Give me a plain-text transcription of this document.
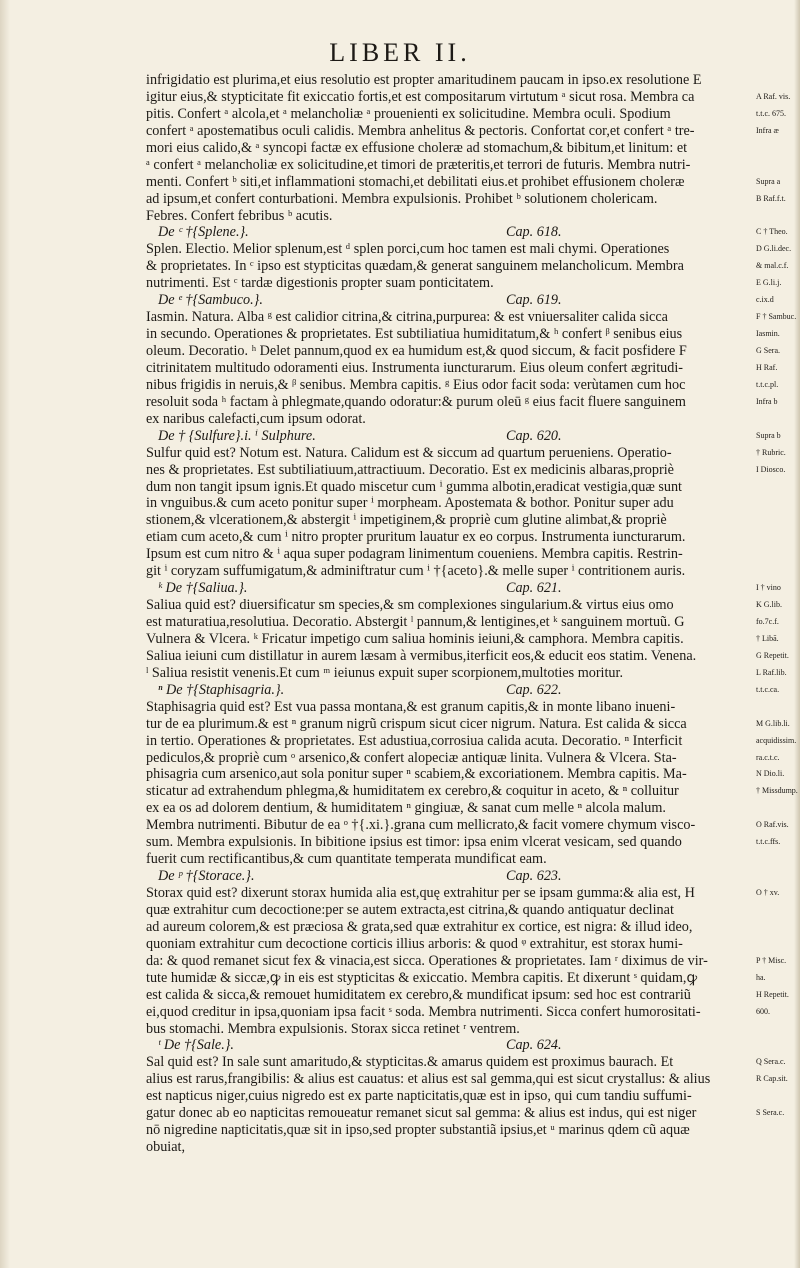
LIBER II.
infrigidatio est plurima,et eius resolutio est propter amaritudinem paucam in ipso.ex resolutione E
igitur eius,& stypticitate fit exiccatio fortis,et est compositarum virtutum ᵃ sicut rosa. Membra ca
pitis. Confert ᵃ alcola,et ᵃ melancholiæ ᵃ prouenienti ex solicitudine. Membra oculi. Spodium
confert ᵃ apostematibus oculi calidis. Membra anhelitus & pectoris. Confortat cor,et confert ᵃ tre-
mori eius calido,& ᵃ syncopi factæ ex effusione choleræ ad stomachum,& bibitum,et linitum: et
ᵃ confert ᵃ melancholiæ ex solicitudine,et timori de præteritis,et terrori de futuris. Membra nutri-
menti. Confert ᵇ siti,et inflammationi stomachi,et debilitati eius.et prohibet effusionem choleræ
ad ipsum,et confert conturbationi. Membra expulsionis. Prohibet ᵇ solutionem cholericam.
Febres. Confert febribus ᵇ acutis.
De ᶜ †{Splene.}.	Cap. 618.
Splen. Electio. Melior splenum,est ᵈ splen porci,cum hoc tamen est mali chymi. Operationes
& proprietates. In ᶜ ipso est stypticitas quædam,& generat sanguinem melancholicum. Membra
nutrimenti. Est ᶜ tardæ digestionis propter suam ponticitatem.
De ᵉ †{Sambuco.}.	Cap. 619.
Iasmin. Natura. Alba ᵍ est calidior citrina,& citrina,purpurea: & est vniuersaliter calida sicca
in secundo. Operationes & proprietates. Est subtiliatiua humiditatum,& ʰ confert ᵝ senibus eius
oleum. Decoratio. ʰ Delet pannum,quod ex ea humidum est,& quod siccum, & facit posfidere F
citrinitatem multitudo odoramenti eius. Instrumenta iuncturarum. Eius oleum confert ægritudi-
nibus frigidis in neruis,& ᵝ senibus. Membra capitis. ᵍ Eius odor facit soda: verùtamen cum hoc
resoluit soda ʰ factam à phlegmate,quando odoratur:& purum oleū ᵍ eius facit fluere sanguinem
ex naribus calefacti,cum ipsum odorat.
De † {Sulfure}.i. ⁱ Sulphure.	Cap. 620.
Sulfur quid est? Notum est. Natura. Calidum est & siccum ad quartum perueniens. Operatio-
nes & proprietates. Est subtiliatiuum,attractiuum. Decoratio. Est ex medicinis albaras,propriè
dum non tangit ipsum ignis.Et quado miscetur cum ⁱ gumma albotin,eradicat vestigia,quæ sunt
in vnguibus.& cum aceto ponitur super ⁱ morpheam. Apostemata & bothor. Ponitur super adu
stionem,& vlcerationem,& abstergit ⁱ impetiginem,& propriè cum glutine alimbat,& propriè
etiam cum aceto,& cum ⁱ nitro propter pruritum lauatur ex eo corpus. Instrumenta iuncturarum.
Ipsum est cum nitro & ⁱ aqua super podagram linimentum coueniens. Membra capitis. Restrin-
git ⁱ coryzam suffumigatum,& adminiftratur cum ⁱ †{aceto}.& melle super ⁱ contritionem auris.
ᵏ De †{Saliua.}.	Cap. 621.
Saliua quid est? diuersificatur sm species,& sm complexiones singularium.& virtus eius omo
est maturatiua,resolutiua. Decoratio. Abstergit ˡ pannum,& lentigines,et ᵏ sanguinem mortuũ. G
Vulnera & Vlcera. ᵏ Fricatur impetigo cum saliua hominis ieiuni,& camphora. Membra capitis.
Saliua ieiuni cum distillatur in aurem læsam à vermibus,iterficit eos,& educit eos statim. Venena.
ˡ Saliua resistit venenis.Et cum ᵐ ieiunus expuit super scorpionem,multoties moritur.
ⁿ De †{Staphisagria.}.	Cap. 622.
Staphisagria quid est? Est vua passa montana,& est granum capitis,& in monte libano inueni-
tur de ea plurimum.& est ⁿ granum nigrũ crispum sicut cicer nigrum. Natura. Est calida & sicca
in tertio. Operationes & proprietates. Est adustiua,corrosiua calida acuta. Decoratio. ⁿ Interficit
pediculos,& propriè cum ᵒ arsenico,& confert alopeciæ antiquæ linita. Vulnera & Vlcera. Sta-
phisagria cum arsenico,aut sola ponitur super ⁿ scabiem,& excoriationem. Membra capitis. Ma-
sticatur ad extrahendum phlegma,& humiditatem ex cerebro,& coquitur in aceto, & ⁿ colluitur
ex ea os ad dolorem dentium, & humiditatem ⁿ gingiuæ, & sanat cum melle ⁿ alcola malum.
Membra nutrimenti. Bibutur de ea ᵒ †{.xi.}.grana cum mellicrato,& facit vomere chymum visco-
sum. Membra expulsionis. In bibitione ipsius est timor: ipsa enim vlcerat vesicam, sed quando
fuerit cum rectificantibus,& cum quantitate temperata mundificat eam.
De ᵖ †{Storace.}.	Cap. 623.
Storax quid est? dixerunt storax humida alia est,quę extrahitur per se ipsam gumma:& alia est, H
quæ extrahitur cum decoctione:per se autem extracta,est citrina,& quando antiquatur declinat
ad aureum colorem,& est præciosa & grata,sed quæ extrahitur ex cortice, est nigra: & illud ideo,
quoniam extrahitur cum decoctione corticis illius arboris: & quod ᵠ extrahitur, est storax humi-
da: & quod remanet sicut fex & vinacia,est sicca. Operationes & proprietates. Iam ʳ diximus de vir-
tute humidæ & siccæ,ꝙ in eis est stypticitas & exiccatio. Membra capitis. Et dixerunt ˢ quidam,ꝙ
est calida & sicca,& remouet humiditatem ex cerebro,& mundificat ipsum: sed hoc est contrariũ
ei,quod creditur in ipsa,quoniam ipsa facit ˢ soda. Membra nutrimenti. Sicca confert humorositati-
bus stomachi. Membra expulsionis. Storax sicca retinet ʳ ventrem.
ᵗ De †{Sale.}.	Cap. 624.
Sal quid est? In sale sunt amaritudo,& stypticitas.& amarus quidem est proximus baurach. Et
alius est rarus,frangibilis: & alius est cauatus: et alius est sal gemma,qui est sicut crystallus: & alius
est napticus niger,cuius nigredo est ex parte napticitatis,quæ est in ipso, qui cum tandiu suffumi-
gatur donec ab eo napticitas remoueatur remanet sicut sal gemma: & alius est indus, qui est niger
nō nigredine napticitatis,quæ sit in ipso,sed propter substantiã ipsius,et ᵘ marinus qdem cũ aquæ
obuiat,
A Raf. vis.
t.t.c. 675.
Infra æ
Supra a
B Raf.f.t.
C † Theo.
D G.li.dec.
& mal.c.f.
E G.li.j.
c.ix.d
F † Sambuc.
Iasmin.
G Sera.
H Raf.
t.t.c.pl.
Infra b
Supra b
† Rubric.
I Diosco.
I † vino
K G.lib.
fo.7c.f.
† Libā.
G Repetit.
L Raf.lib.
t.t.c.ca.
M G.lib.li.
acquidissim.
ra.c.t.c.
N Dio.li.
† Missdump.
O Raf.vis.
t.t.c.ffs.
O † xv.
P † Misc.
ha.
H Repetit.
600.
Q Sera.c.
R Cap.sit.
S Sera.c.
